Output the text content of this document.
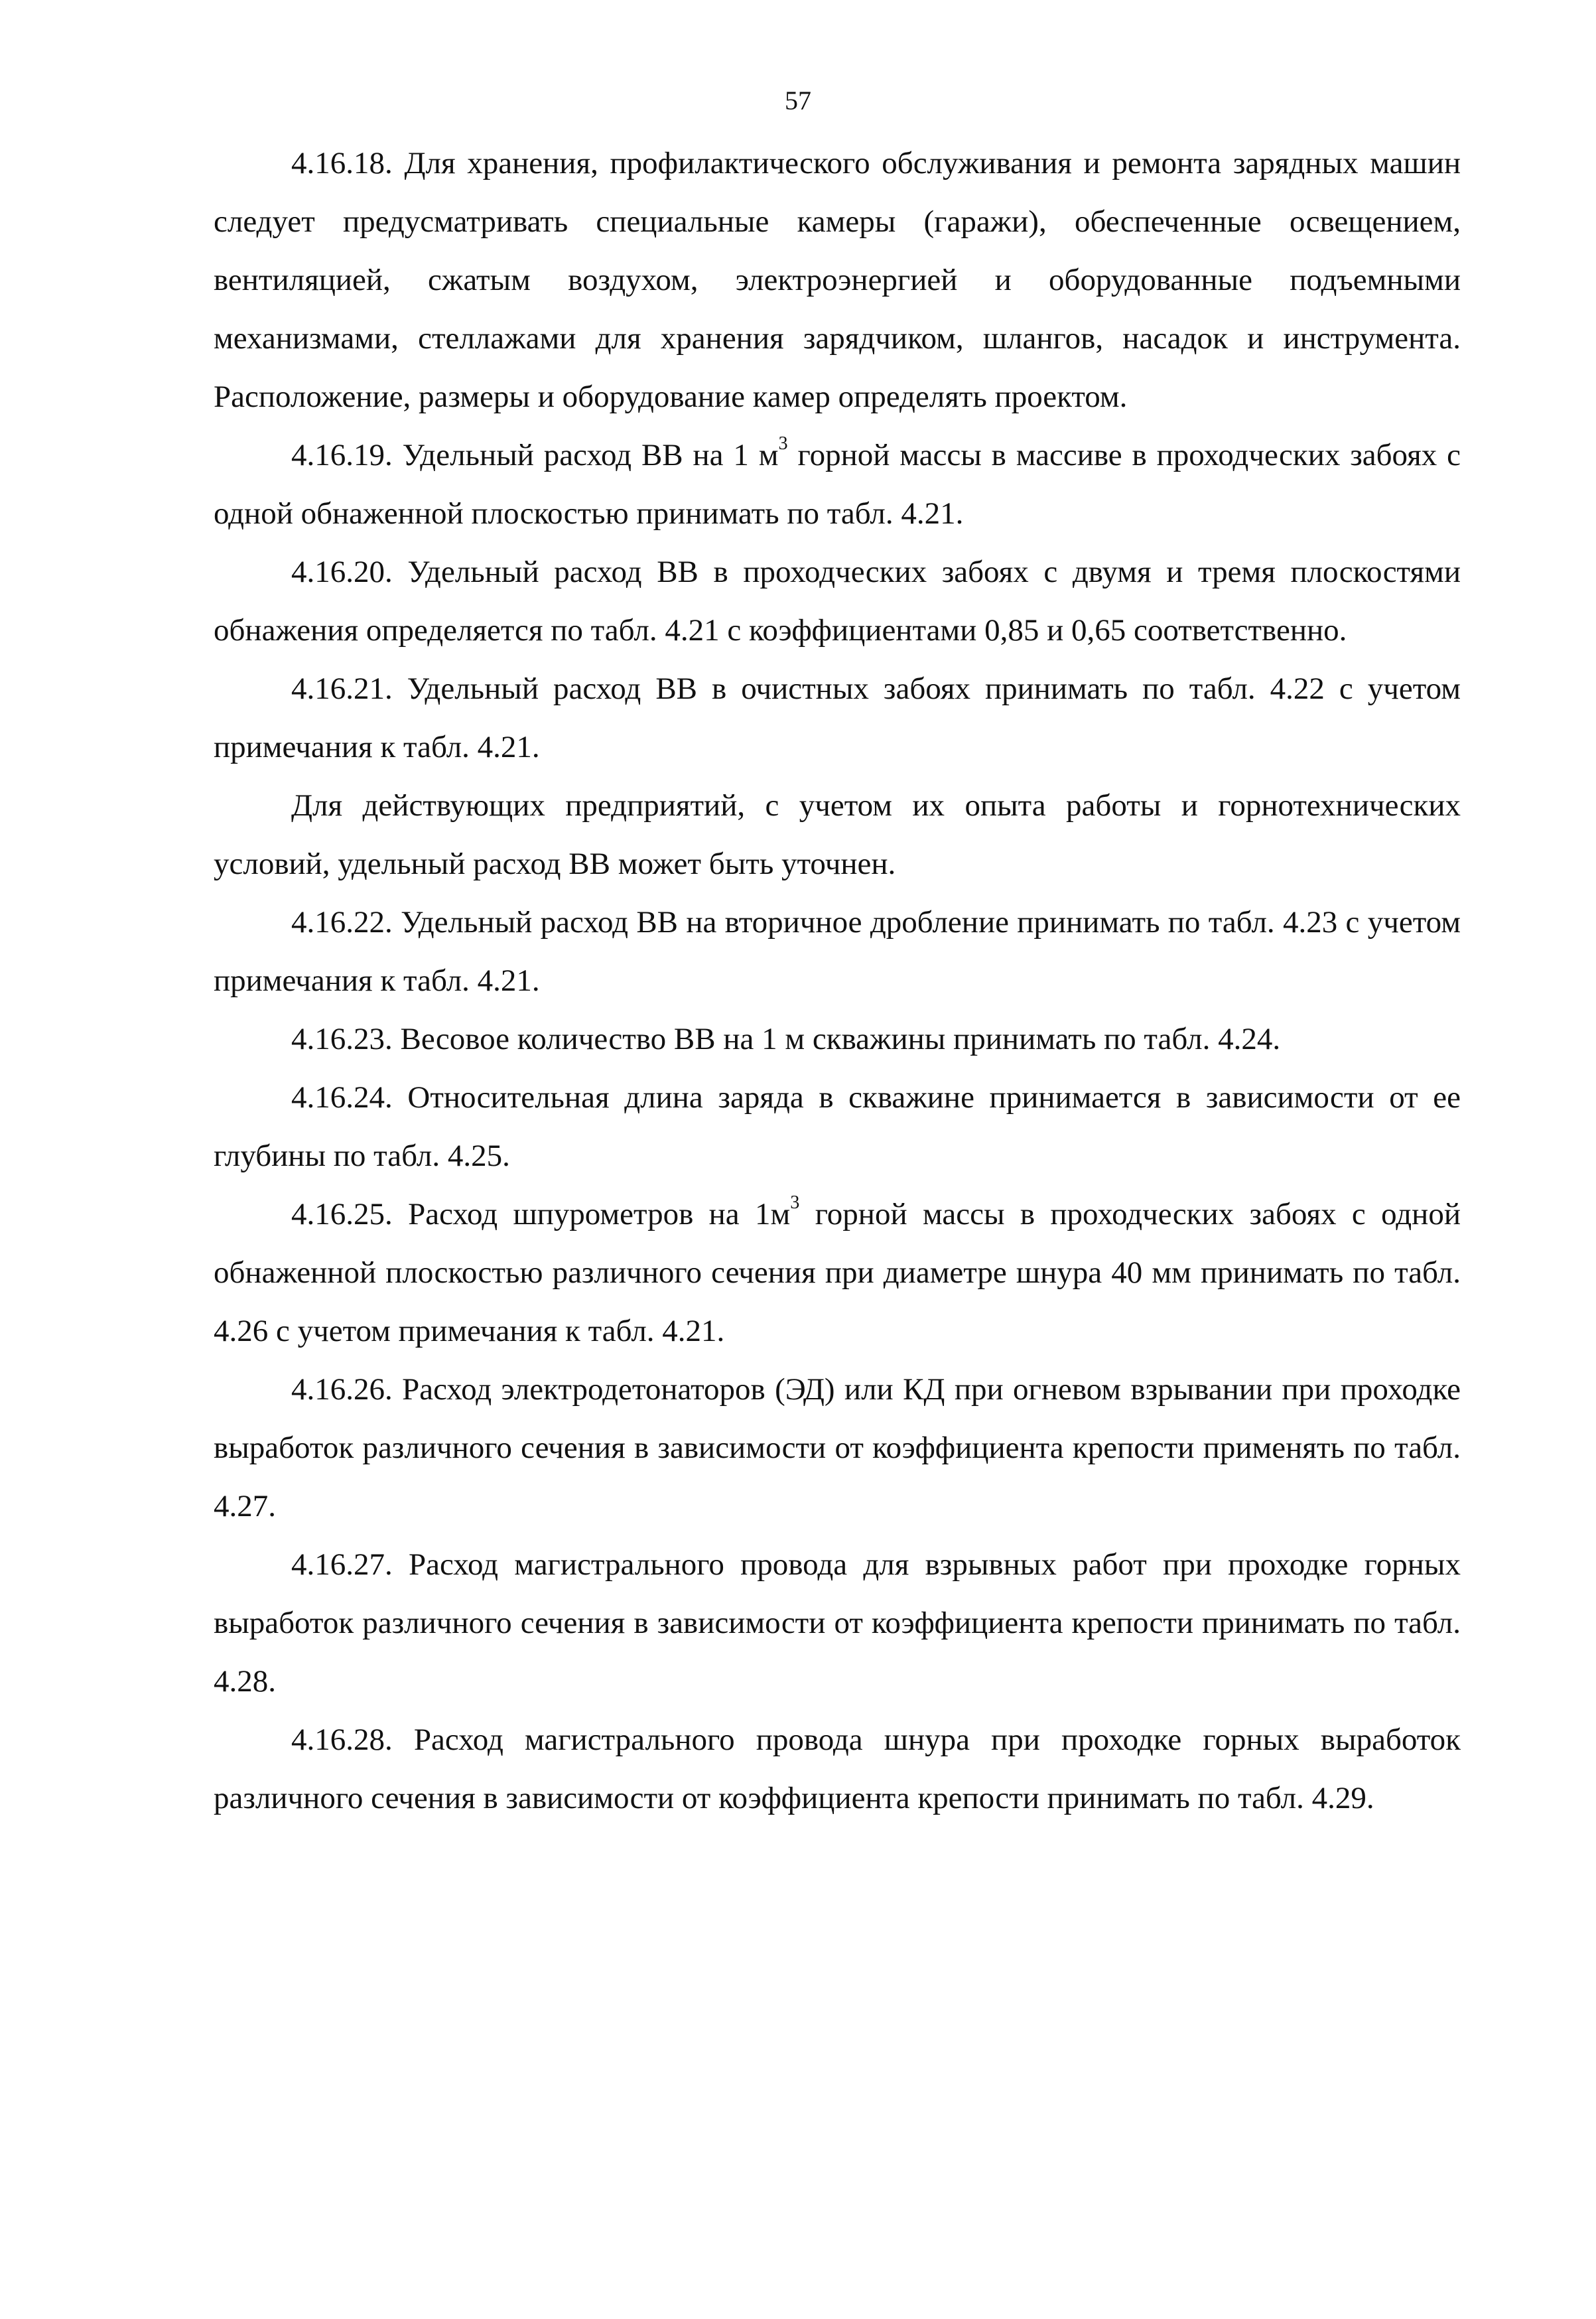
57

4.16.18. Для хранения, профилактического обслуживания и ремонта зарядных машин следует предусматривать специальные камеры (гаражи), обеспеченные освещением, вентиляцией, сжатым воздухом, электроэнергией и оборудованные подъемными механизмами, стеллажами для хранения зарядчиком, шлангов, насадок и инструмента. Расположение, размеры и оборудование камер определять проектом.

4.16.19. Удельный расход ВВ на 1 $м^3$ горной массы в массиве в проходческих забоях с одной обнаженной плоскостью принимать по табл. 4.21.

4.16.20. Удельный расход ВВ в проходческих забоях с двумя и тремя плоскостями обнажения определяется по табл. 4.21 с коэффициентами 0,85 и 0,65 соответственно.

4.16.21. Удельный расход ВВ в очистных забоях принимать по табл. 4.22 с учетом примечания к табл. 4.21.

Для действующих предприятий, с учетом их опыта работы и горнотехнических условий, удельный расход ВВ может быть уточнен.

4.16.22. Удельный расход ВВ на вторичное дробление принимать по табл. 4.23 с учетом примечания к табл. 4.21.

4.16.23. Весовое количество ВВ на 1 м скважины принимать по табл. 4.24.

4.16.24. Относительная длина заряда в скважине принимается в зависимости от ее глубины по табл. 4.25.

4.16.25. Расход шпурометров на $1м^3$ горной массы в проходческих забоях с одной обнаженной плоскостью различного сечения при диаметре шнура 40 мм принимать по табл. 4.26 с учетом примечания к табл. 4.21.

4.16.26. Расход электродетонаторов (ЭД) или КД при огневом взрывании при проходке выработок различного сечения в зависимости от коэффициента крепости применять по табл. 4.27.

4.16.27. Расход магистрального провода для взрывных работ при проходке горных выработок различного сечения в зависимости от коэффициента крепости принимать по табл. 4.28.

4.16.28. Расход магистрального провода шнура при проходке горных выработок различного сечения в зависимости от коэффициента крепости принимать по табл. 4.29.
